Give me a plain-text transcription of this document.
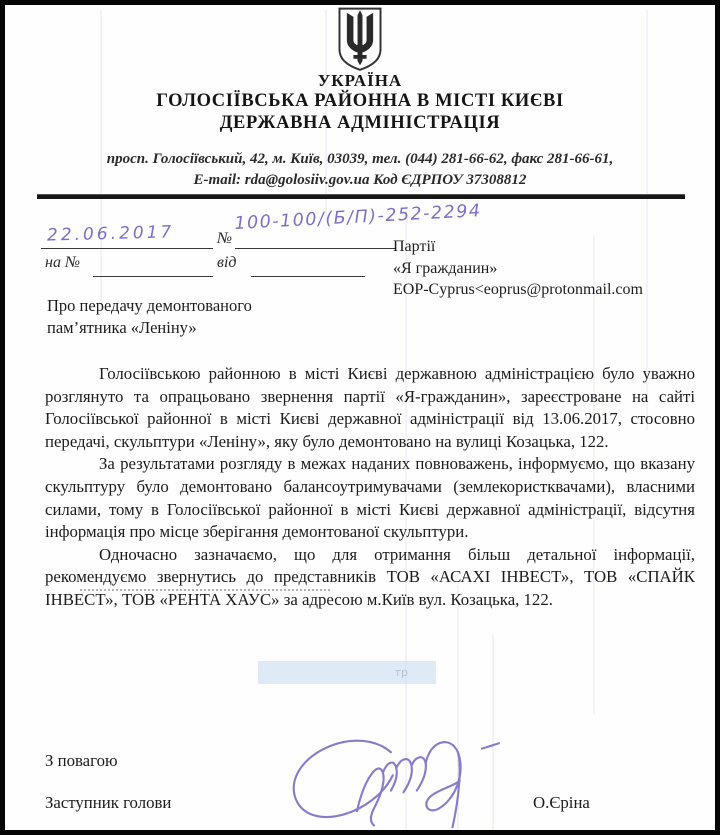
УКРАЇНА
ГОЛОСІЇВСЬКА РАЙОННА В МІСТІ КИЄВІ
ДЕРЖАВНА АДМІНІСТРАЦІЯ
просп. Голосіївський, 42, м. Київ, 03039, тел. (044) 281-66-62, факс 281-66-61,
E-mail: rda@golosiiv.gov.ua Код ЄДРПОУ 37308812
22.06.2017	№
100-100/(Б/П)-252-2294
на №	від
Партії
«Я гражданин»
EOP-Cyprus<eoprus@protonmail.com
Про передачу демонтованого
пам’ятника «Леніну»

Голосіївською районною в місті Києві державною адміністрацією було уважно розглянуто та опрацьовано звернення партії «Я-гражданин», зареєстроване на сайті Голосіївської районної в місті Києві державної адміністрації від 13.06.2017, стосовно передачі, скульптури «Леніну», яку було демонтовано на вулиці Козацька, 122.

За результатами розгляду в межах наданих повноважень, інформуємо, що вказану скульптуру було демонтовано балансоутримувачами (землекористквачами), власними силами, тому в Голосіївської районної в місті Києві державної адміністрації, відсутня інформація про місце зберігання демонтованої скульптури.

Одночасно зазначаємо, що для отримання більш детальної інформації, рекомендуємо звернутись до представників ТОВ «АСАХІ ІНВЕСТ», ТОВ «СПАЙК ІНВЕСТ», ТОВ «РЕНТА ХАУС» за адресою м.Київ вул. Козацька, 122.

тр
З повагою
Заступник голови	О.Єріна
